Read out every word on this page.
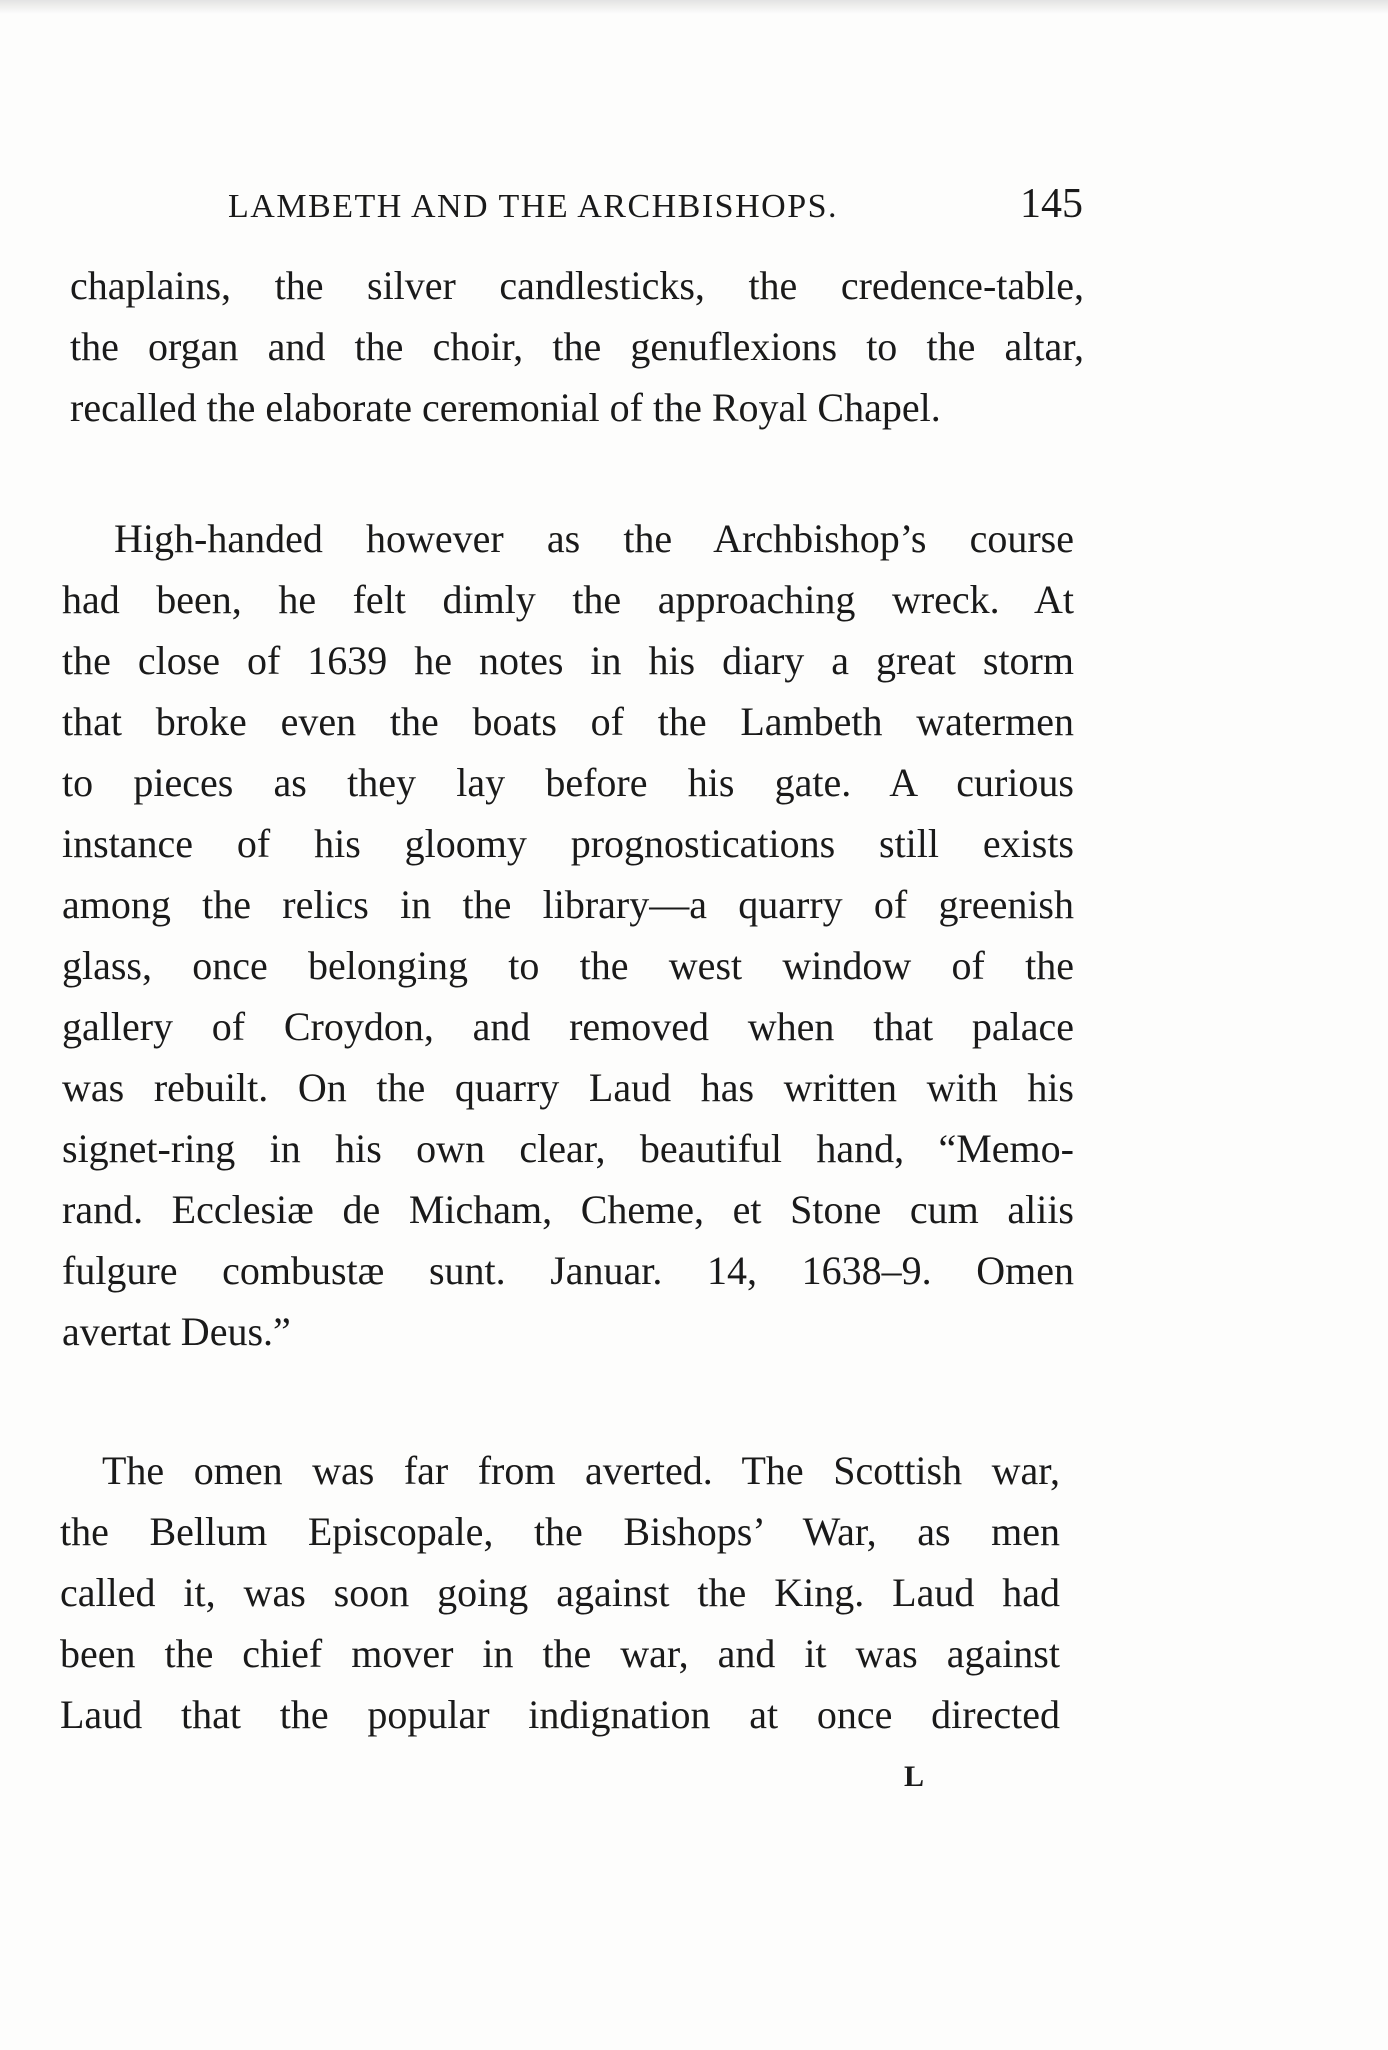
LAMBETH AND THE ARCHBISHOPS.	145
chaplains, the silver candlesticks, the credence-table,
the organ and the choir, the genuflexions to the altar,
recalled the elaborate ceremonial of the Royal Chapel.
High-handed however as the Archbishop’s course
had been, he felt dimly the approaching wreck. At
the close of 1639 he notes in his diary a great storm
that broke even the boats of the Lambeth watermen
to pieces as they lay before his gate. A curious
instance of his gloomy prognostications still exists
among the relics in the library—a quarry of greenish
glass, once belonging to the west window of the
gallery of Croydon, and removed when that palace
was rebuilt. On the quarry Laud has written with his
signet-ring in his own clear, beautiful hand, “Memo-
rand. Ecclesiæ de Micham, Cheme, et Stone cum aliis
fulgure combustæ sunt. Januar. 14, 1638–9. Omen
avertat Deus.”
The omen was far from averted. The Scottish war,
the Bellum Episcopale, the Bishops’ War, as men
called it, was soon going against the King. Laud had
been the chief mover in the war, and it was against
Laud that the popular indignation at once directed
L
